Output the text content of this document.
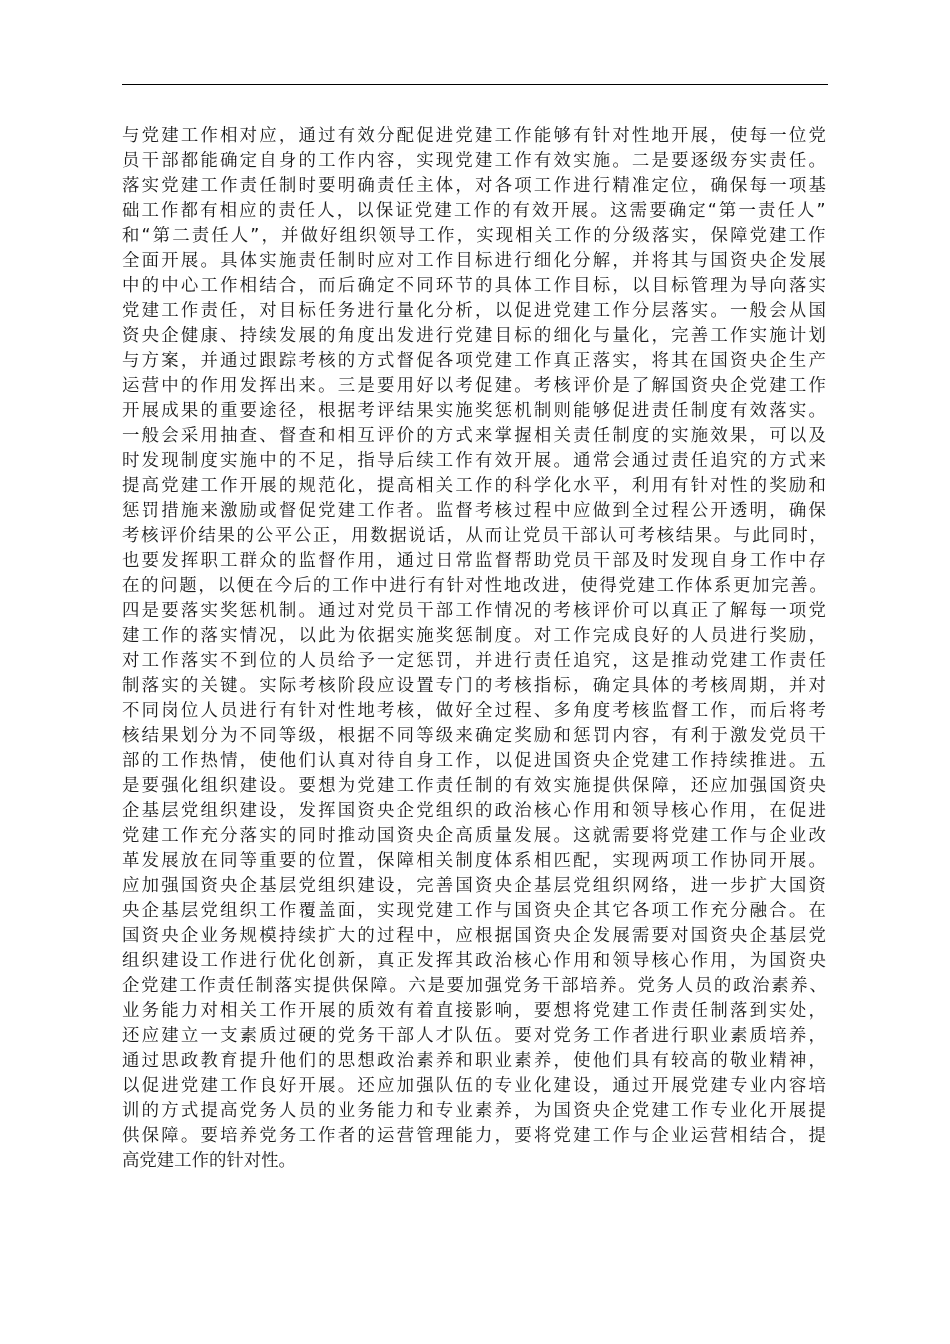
与党建工作相对应，通过有效分配促进党建工作能够有针对性地开展，使每一位党
员干部都能确定自身的工作内容，实现党建工作有效实施。二是要逐级夯实责任。
落实党建工作责任制时要明确责任主体，对各项工作进行精准定位，确保每一项基
础工作都有相应的责任人，以保证党建工作的有效开展。这需要确定“第一责任人”
和“第二责任人”，并做好组织领导工作，实现相关工作的分级落实，保障党建工作
全面开展。具体实施责任制时应对工作目标进行细化分解，并将其与国资央企发展
中的中心工作相结合，而后确定不同环节的具体工作目标，以目标管理为导向落实
党建工作责任，对目标任务进行量化分析，以促进党建工作分层落实。一般会从国
资央企健康、持续发展的角度出发进行党建目标的细化与量化，完善工作实施计划
与方案，并通过跟踪考核的方式督促各项党建工作真正落实，将其在国资央企生产
运营中的作用发挥出来。三是要用好以考促建。考核评价是了解国资央企党建工作
开展成果的重要途径，根据考评结果实施奖惩机制则能够促进责任制度有效落实。
一般会采用抽查、督查和相互评价的方式来掌握相关责任制度的实施效果，可以及
时发现制度实施中的不足，指导后续工作有效开展。通常会通过责任追究的方式来
提高党建工作开展的规范化，提高相关工作的科学化水平，利用有针对性的奖励和
惩罚措施来激励或督促党建工作者。监督考核过程中应做到全过程公开透明，确保
考核评价结果的公平公正，用数据说话，从而让党员干部认可考核结果。与此同时，
也要发挥职工群众的监督作用，通过日常监督帮助党员干部及时发现自身工作中存
在的问题，以便在今后的工作中进行有针对性地改进，使得党建工作体系更加完善。
四是要落实奖惩机制。通过对党员干部工作情况的考核评价可以真正了解每一项党
建工作的落实情况，以此为依据实施奖惩制度。对工作完成良好的人员进行奖励，
对工作落实不到位的人员给予一定惩罚，并进行责任追究，这是推动党建工作责任
制落实的关键。实际考核阶段应设置专门的考核指标，确定具体的考核周期，并对
不同岗位人员进行有针对性地考核，做好全过程、多角度考核监督工作，而后将考
核结果划分为不同等级，根据不同等级来确定奖励和惩罚内容，有利于激发党员干
部的工作热情，使他们认真对待自身工作，以促进国资央企党建工作持续推进。五
是要强化组织建设。要想为党建工作责任制的有效实施提供保障，还应加强国资央
企基层党组织建设，发挥国资央企党组织的政治核心作用和领导核心作用，在促进
党建工作充分落实的同时推动国资央企高质量发展。这就需要将党建工作与企业改
革发展放在同等重要的位置，保障相关制度体系相匹配，实现两项工作协同开展。
应加强国资央企基层党组织建设，完善国资央企基层党组织网络，进一步扩大国资
央企基层党组织工作覆盖面，实现党建工作与国资央企其它各项工作充分融合。在
国资央企业务规模持续扩大的过程中，应根据国资央企发展需要对国资央企基层党
组织建设工作进行优化创新，真正发挥其政治核心作用和领导核心作用，为国资央
企党建工作责任制落实提供保障。六是要加强党务干部培养。党务人员的政治素养、
业务能力对相关工作开展的质效有着直接影响，要想将党建工作责任制落到实处，
还应建立一支素质过硬的党务干部人才队伍。要对党务工作者进行职业素质培养，
通过思政教育提升他们的思想政治素养和职业素养，使他们具有较高的敬业精神，
以促进党建工作良好开展。还应加强队伍的专业化建设，通过开展党建专业内容培
训的方式提高党务人员的业务能力和专业素养，为国资央企党建工作专业化开展提
供保障。要培养党务工作者的运营管理能力，要将党建工作与企业运营相结合，提
高党建工作的针对性。
